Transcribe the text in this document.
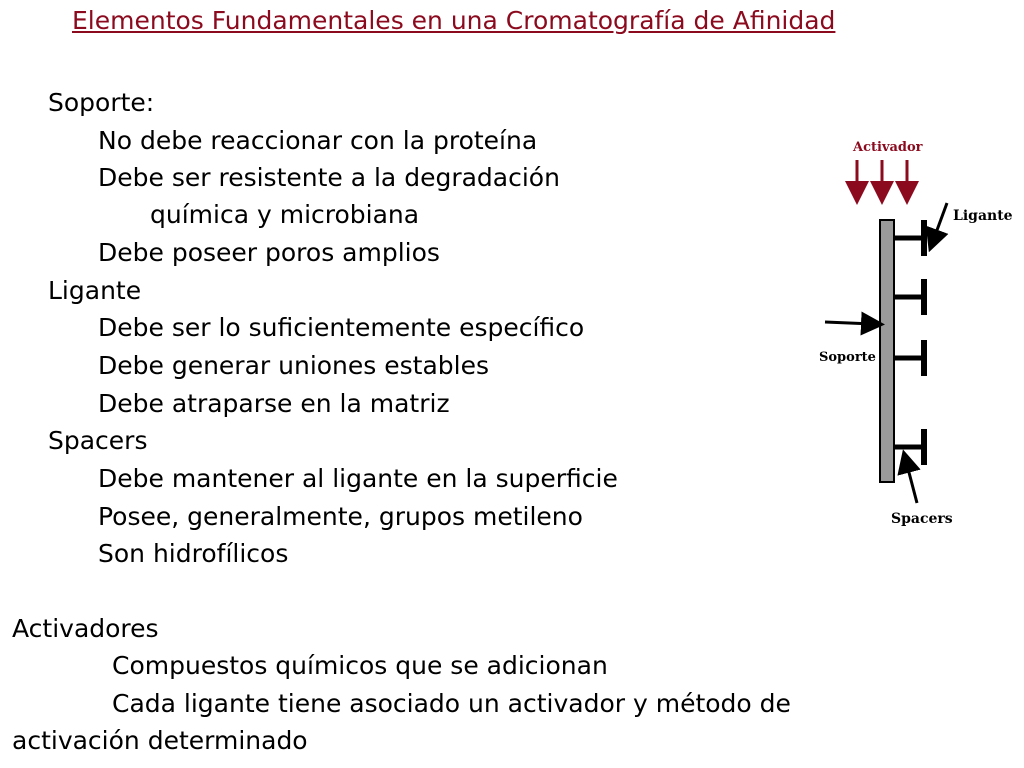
Elementos Fundamentales en una Cromatografía de Afinidad
Soporte:
No debe reaccionar con la proteína
Debe ser resistente a la degradación
química y microbiana
Debe poseer poros amplios
Ligante
Debe ser lo suficientemente específico
Debe generar uniones estables
Debe atraparse en la matriz
Spacers
Debe mantener al ligante en la superficie
Posee, generalmente, grupos metileno
Son hidrofílicos
Activadores
Compuestos químicos que se adicionan
Cada ligante tiene asociado un activador y método de
activación determinado
Activador
Ligante
Soporte
Spacers
